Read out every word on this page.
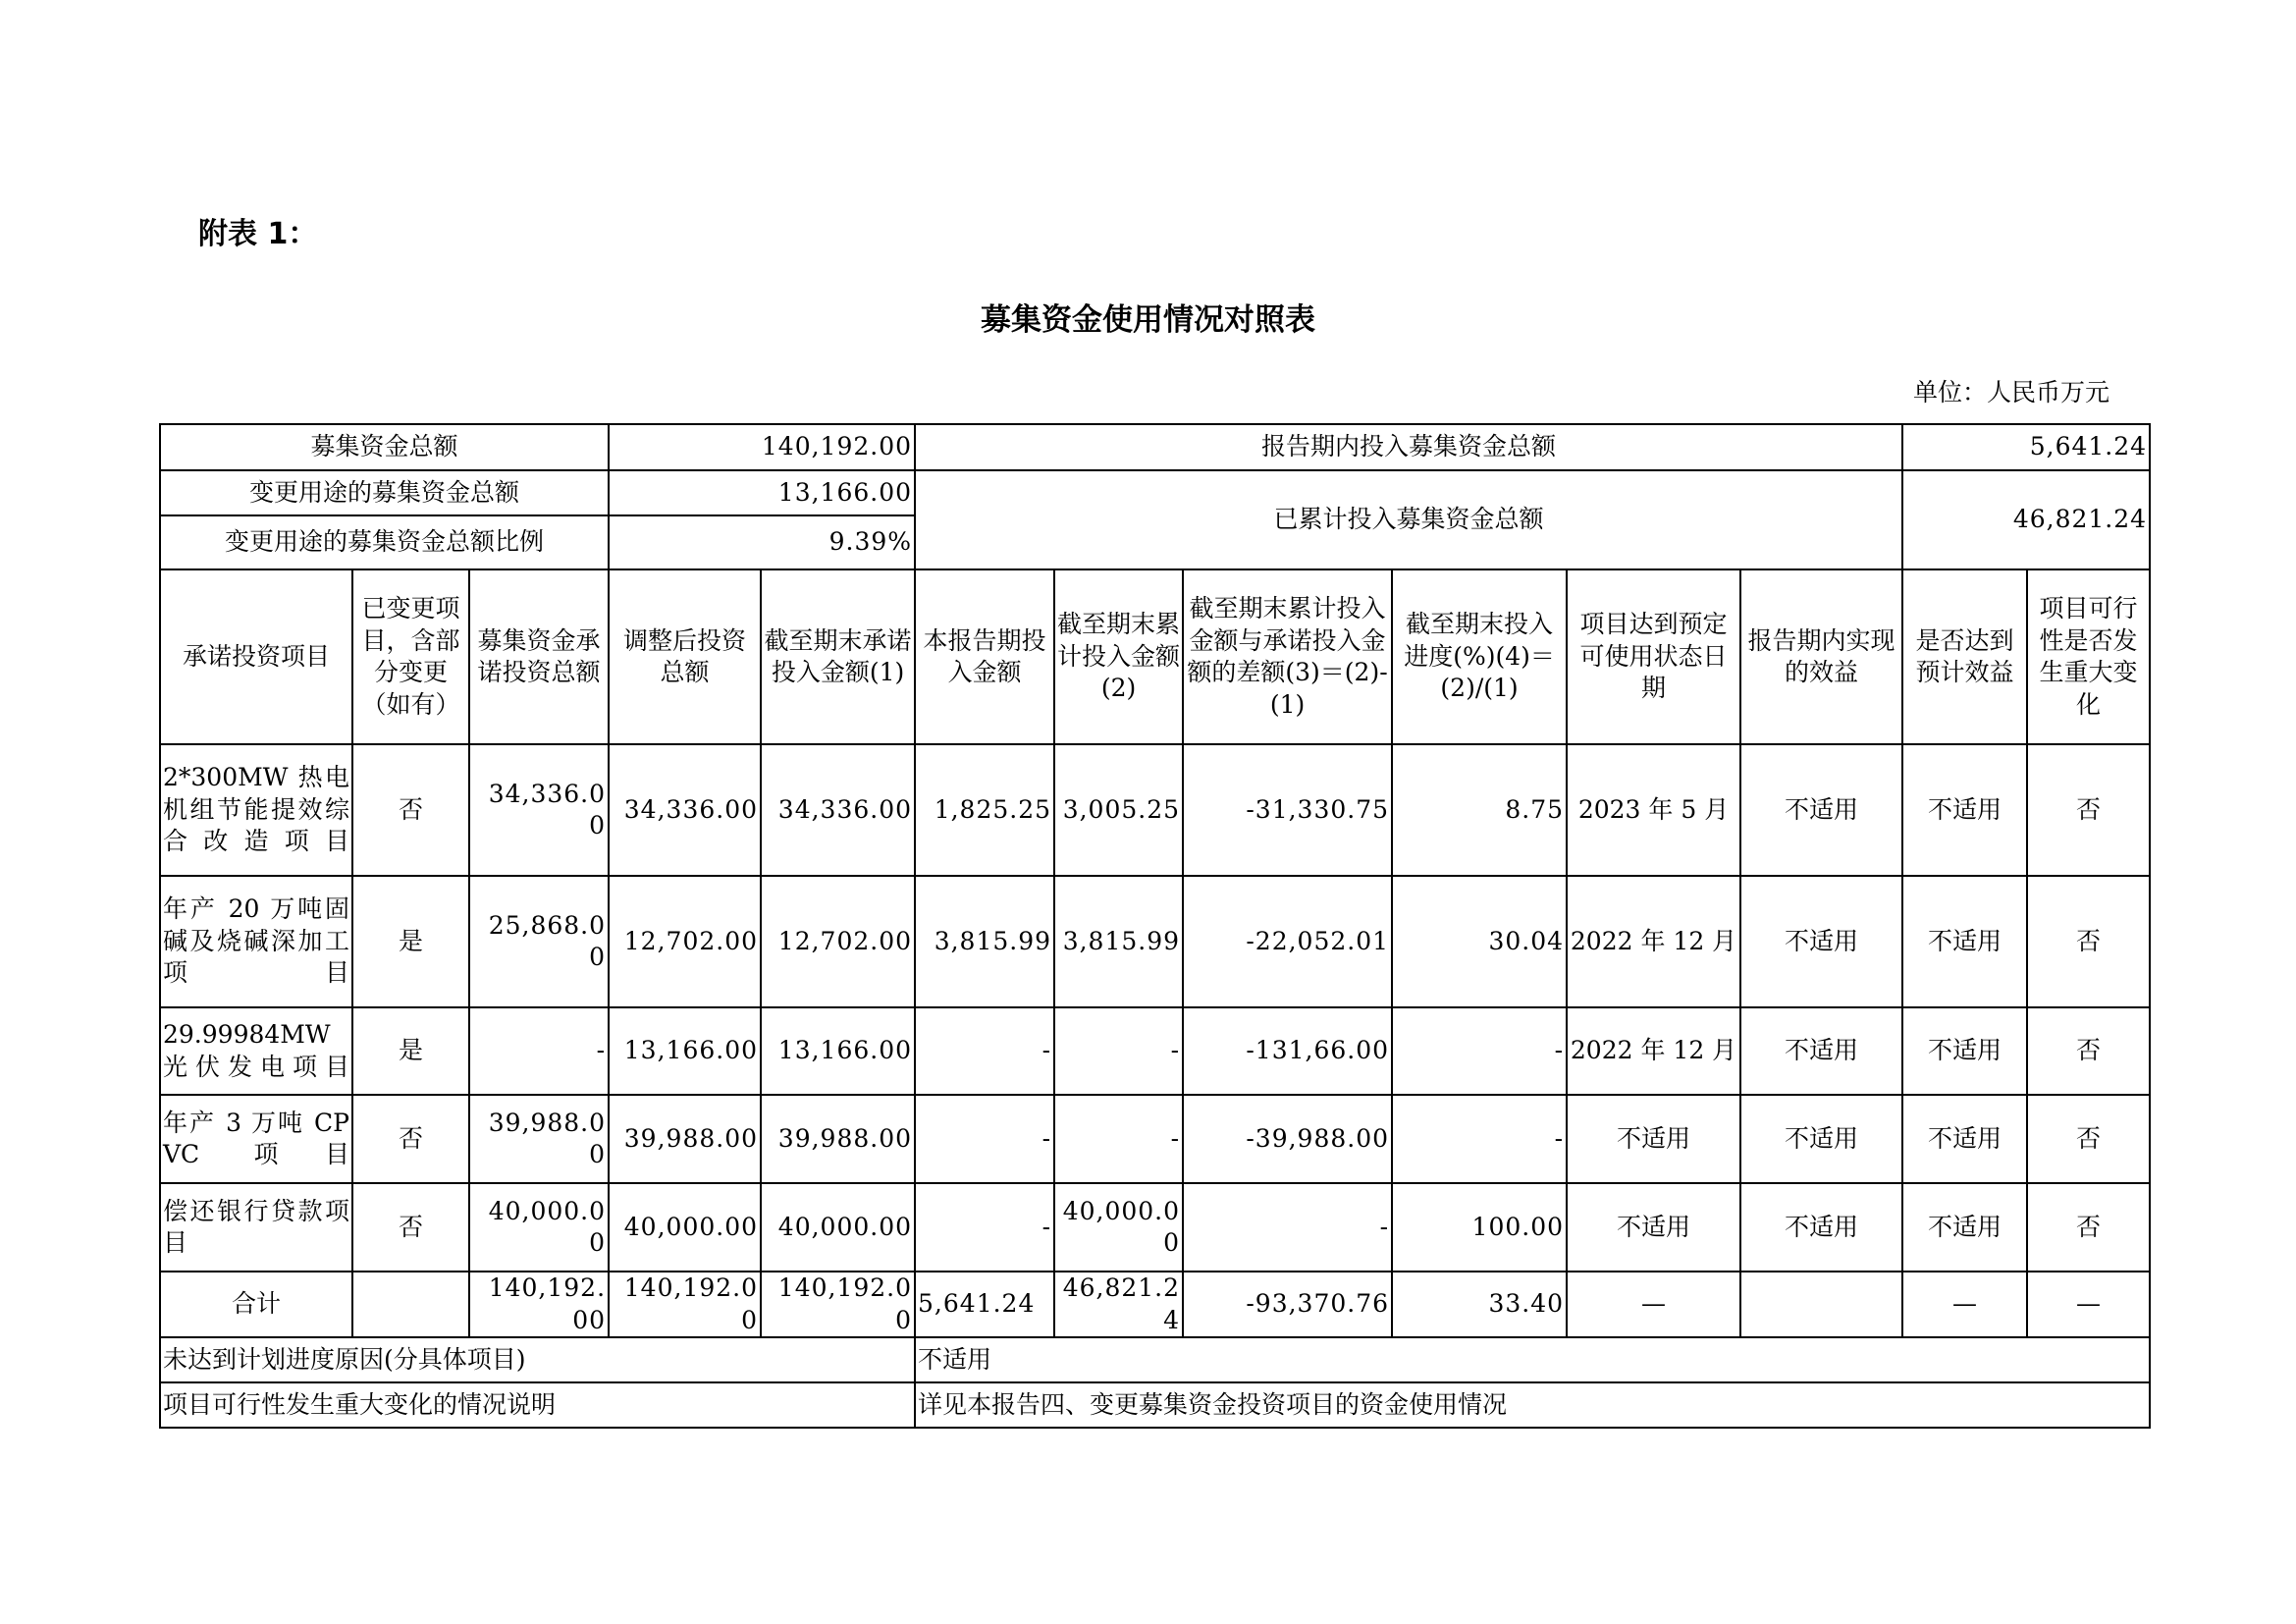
附表 1：
募集资金使用情况对照表
单位：人民币万元
募集资金总额			140,192.00		报告期内投入募集资金总额						5,641.24	
变更用途的募集资金总额			13,166.00		已累计投入募集资金总额						46,821.24	
变更用途的募集资金总额比例			9.39%									
承诺投资项目	已变更项目，含部分变更（如有）	募集资金承诺投资总额	调整后投资总额	截至期末承诺投入金额(1)	本报告期投入金额	截至期末累计投入金额(2)	截至期末累计投入金额与承诺投入金额的差额(3)＝(2)-(1)	截至期末投入进度(%)(4)＝(2)/(1)	项目达到预定可使用状态日期	报告期内实现的效益	是否达到预计效益	项目可行性是否发生重大变化
2*300MW 热电机组节能提效综合改造项目	否	34,336.00	34,336.00	34,336.00	1,825.25	3,005.25	-31,330.75	8.75	2023 年 5 月	不适用	不适用	否
年产 20 万吨固碱及烧碱深加工项目	是	25,868.00	12,702.00	12,702.00	3,815.99	3,815.99	-22,052.01	30.04	2022 年 12 月	不适用	不适用	否
29.99984MW 光伏发电项目	是	-	13,166.00	13,166.00	-	-	-131,66.00	-	2022 年 12 月	不适用	不适用	否
年产 3 万吨 CPVC 项目	否	39,988.00	39,988.00	39,988.00	-	-	-39,988.00	-	不适用	不适用	不适用	否
偿还银行贷款项目	否	40,000.00	40,000.00	40,000.00	-	40,000.00	-	100.00	不适用	不适用	不适用	否
合计		140,192.00	140,192.00	140,192.00	5,641.24	46,821.24	-93,370.76	33.40	—		—	—
未达到计划进度原因(分具体项目)					不适用							
项目可行性发生重大变化的情况说明					详见本报告四、变更募集资金投资项目的资金使用情况							
